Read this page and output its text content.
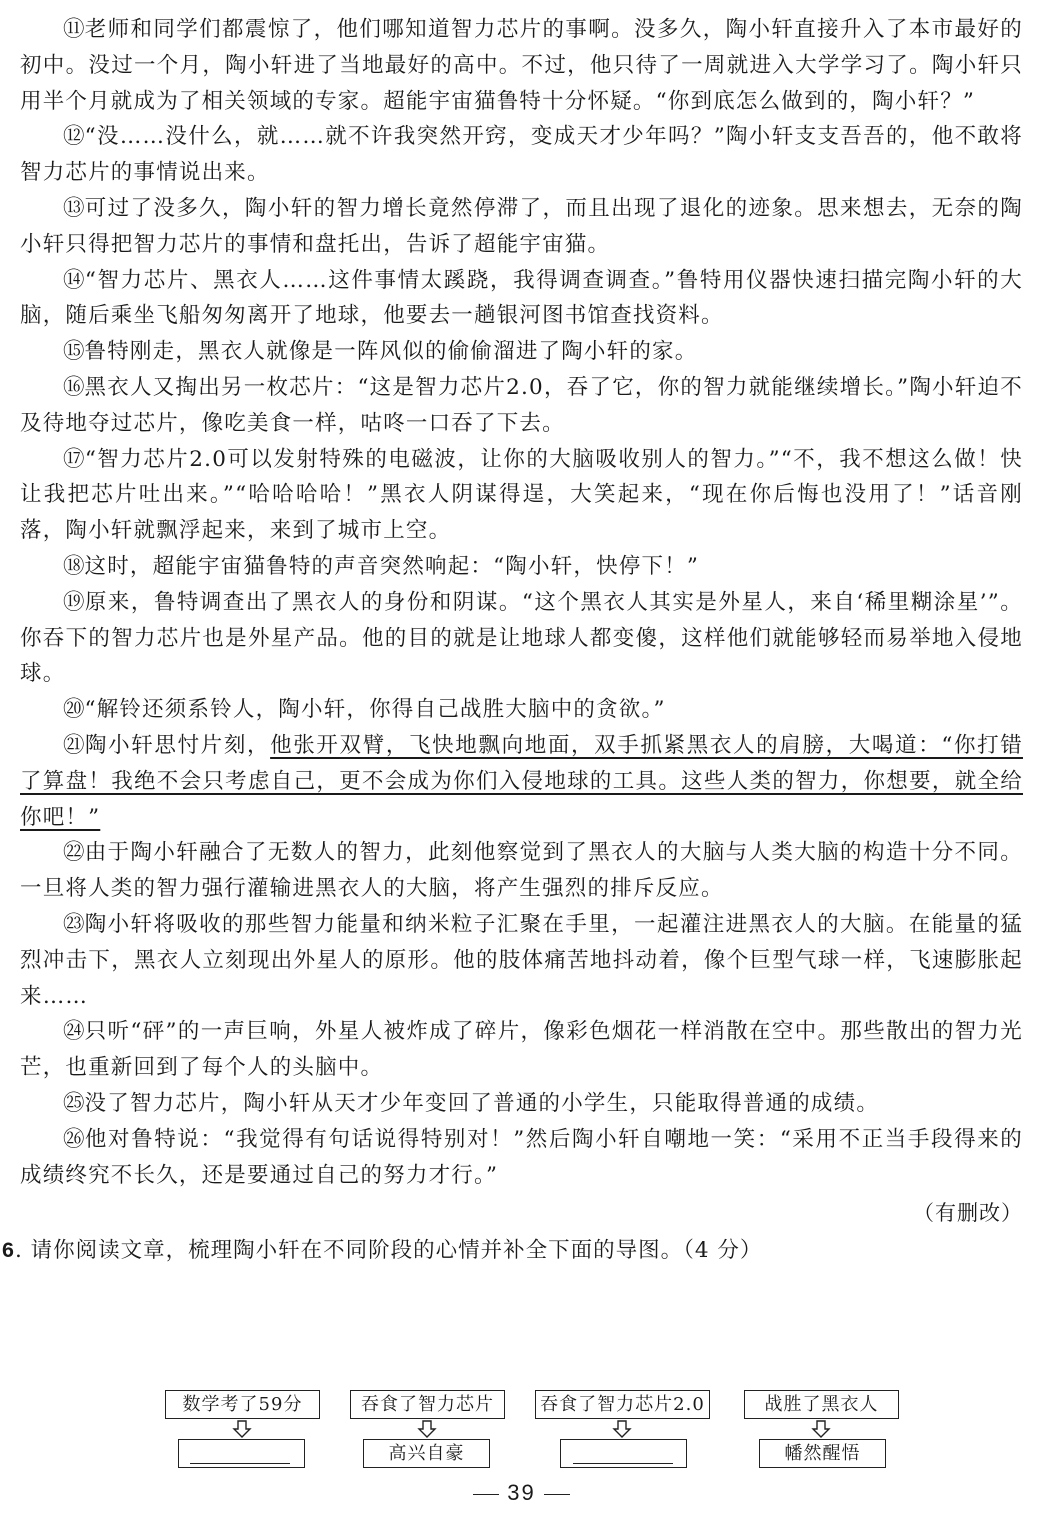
⑪老师和同学们都震惊了，他们哪知道智力芯片的事啊。没多久，陶小轩直接升入了本市最好的初中。没过一个月，陶小轩进了当地最好的高中。不过，他只待了一周就进入大学学习了。陶小轩只用半个月就成为了相关领域的专家。超能宇宙猫鲁特十分怀疑。“你到底怎么做到的，陶小轩？”

⑫“没……没什么，就……就不许我突然开窍，变成天才少年吗？”陶小轩支支吾吾的，他不敢将智力芯片的事情说出来。

⑬可过了没多久，陶小轩的智力增长竟然停滞了，而且出现了退化的迹象。思来想去，无奈的陶小轩只得把智力芯片的事情和盘托出，告诉了超能宇宙猫。

⑭“智力芯片、黑衣人……这件事情太蹊跷，我得调查调查。”鲁特用仪器快速扫描完陶小轩的大脑，随后乘坐飞船匆匆离开了地球，他要去一趟银河图书馆查找资料。

⑮鲁特刚走，黑衣人就像是一阵风似的偷偷溜进了陶小轩的家。

⑯黑衣人又掏出另一枚芯片：“这是智力芯片2.0，吞了它，你的智力就能继续增长。”陶小轩迫不及待地夺过芯片，像吃美食一样，咕咚一口吞了下去。

⑰“智力芯片2.0可以发射特殊的电磁波，让你的大脑吸收别人的智力。”“不，我不想这么做！快让我把芯片吐出来。”“哈哈哈哈！”黑衣人阴谋得逞，大笑起来，“现在你后悔也没用了！”话音刚落，陶小轩就飘浮起来，来到了城市上空。

⑱这时，超能宇宙猫鲁特的声音突然响起：“陶小轩，快停下！”

⑲原来，鲁特调查出了黑衣人的身份和阴谋。“这个黑衣人其实是外星人，来自‘稀里糊涂星’”。你吞下的智力芯片也是外星产品。他的目的就是让地球人都变傻，这样他们就能够轻而易举地入侵地球。

⑳“解铃还须系铃人，陶小轩，你得自己战胜大脑中的贪欲。”

㉑陶小轩思忖片刻，他张开双臂，飞快地飘向地面，双手抓紧黑衣人的肩膀，大喝道：“你打错了算盘！我绝不会只考虑自己，更不会成为你们入侵地球的工具。这些人类的智力，你想要，就全给你吧！”

㉒由于陶小轩融合了无数人的智力，此刻他察觉到了黑衣人的大脑与人类大脑的构造十分不同。一旦将人类的智力强行灌输进黑衣人的大脑，将产生强烈的排斥反应。

㉓陶小轩将吸收的那些智力能量和纳米粒子汇聚在手里，一起灌注进黑衣人的大脑。在能量的猛烈冲击下，黑衣人立刻现出外星人的原形。他的肢体痛苦地抖动着，像个巨型气球一样，飞速膨胀起来……

㉔只听“砰”的一声巨响，外星人被炸成了碎片，像彩色烟花一样消散在空中。那些散出的智力光芒，也重新回到了每个人的头脑中。

㉕没了智力芯片，陶小轩从天才少年变回了普通的小学生，只能取得普通的成绩。

㉖他对鲁特说：“我觉得有句话说得特别对！”然后陶小轩自嘲地一笑：“采用不正当手段得来的成绩终究不长久，还是要通过自己的努力才行。”

（有删改）

6. 请你阅读文章，梳理陶小轩在不同阶段的心情并补全下面的导图。（4 分）

数学考了59分	吞食了智力芯片	吞食了智力芯片2.0	战胜了黑衣人
高兴自豪	幡然醒悟
39
